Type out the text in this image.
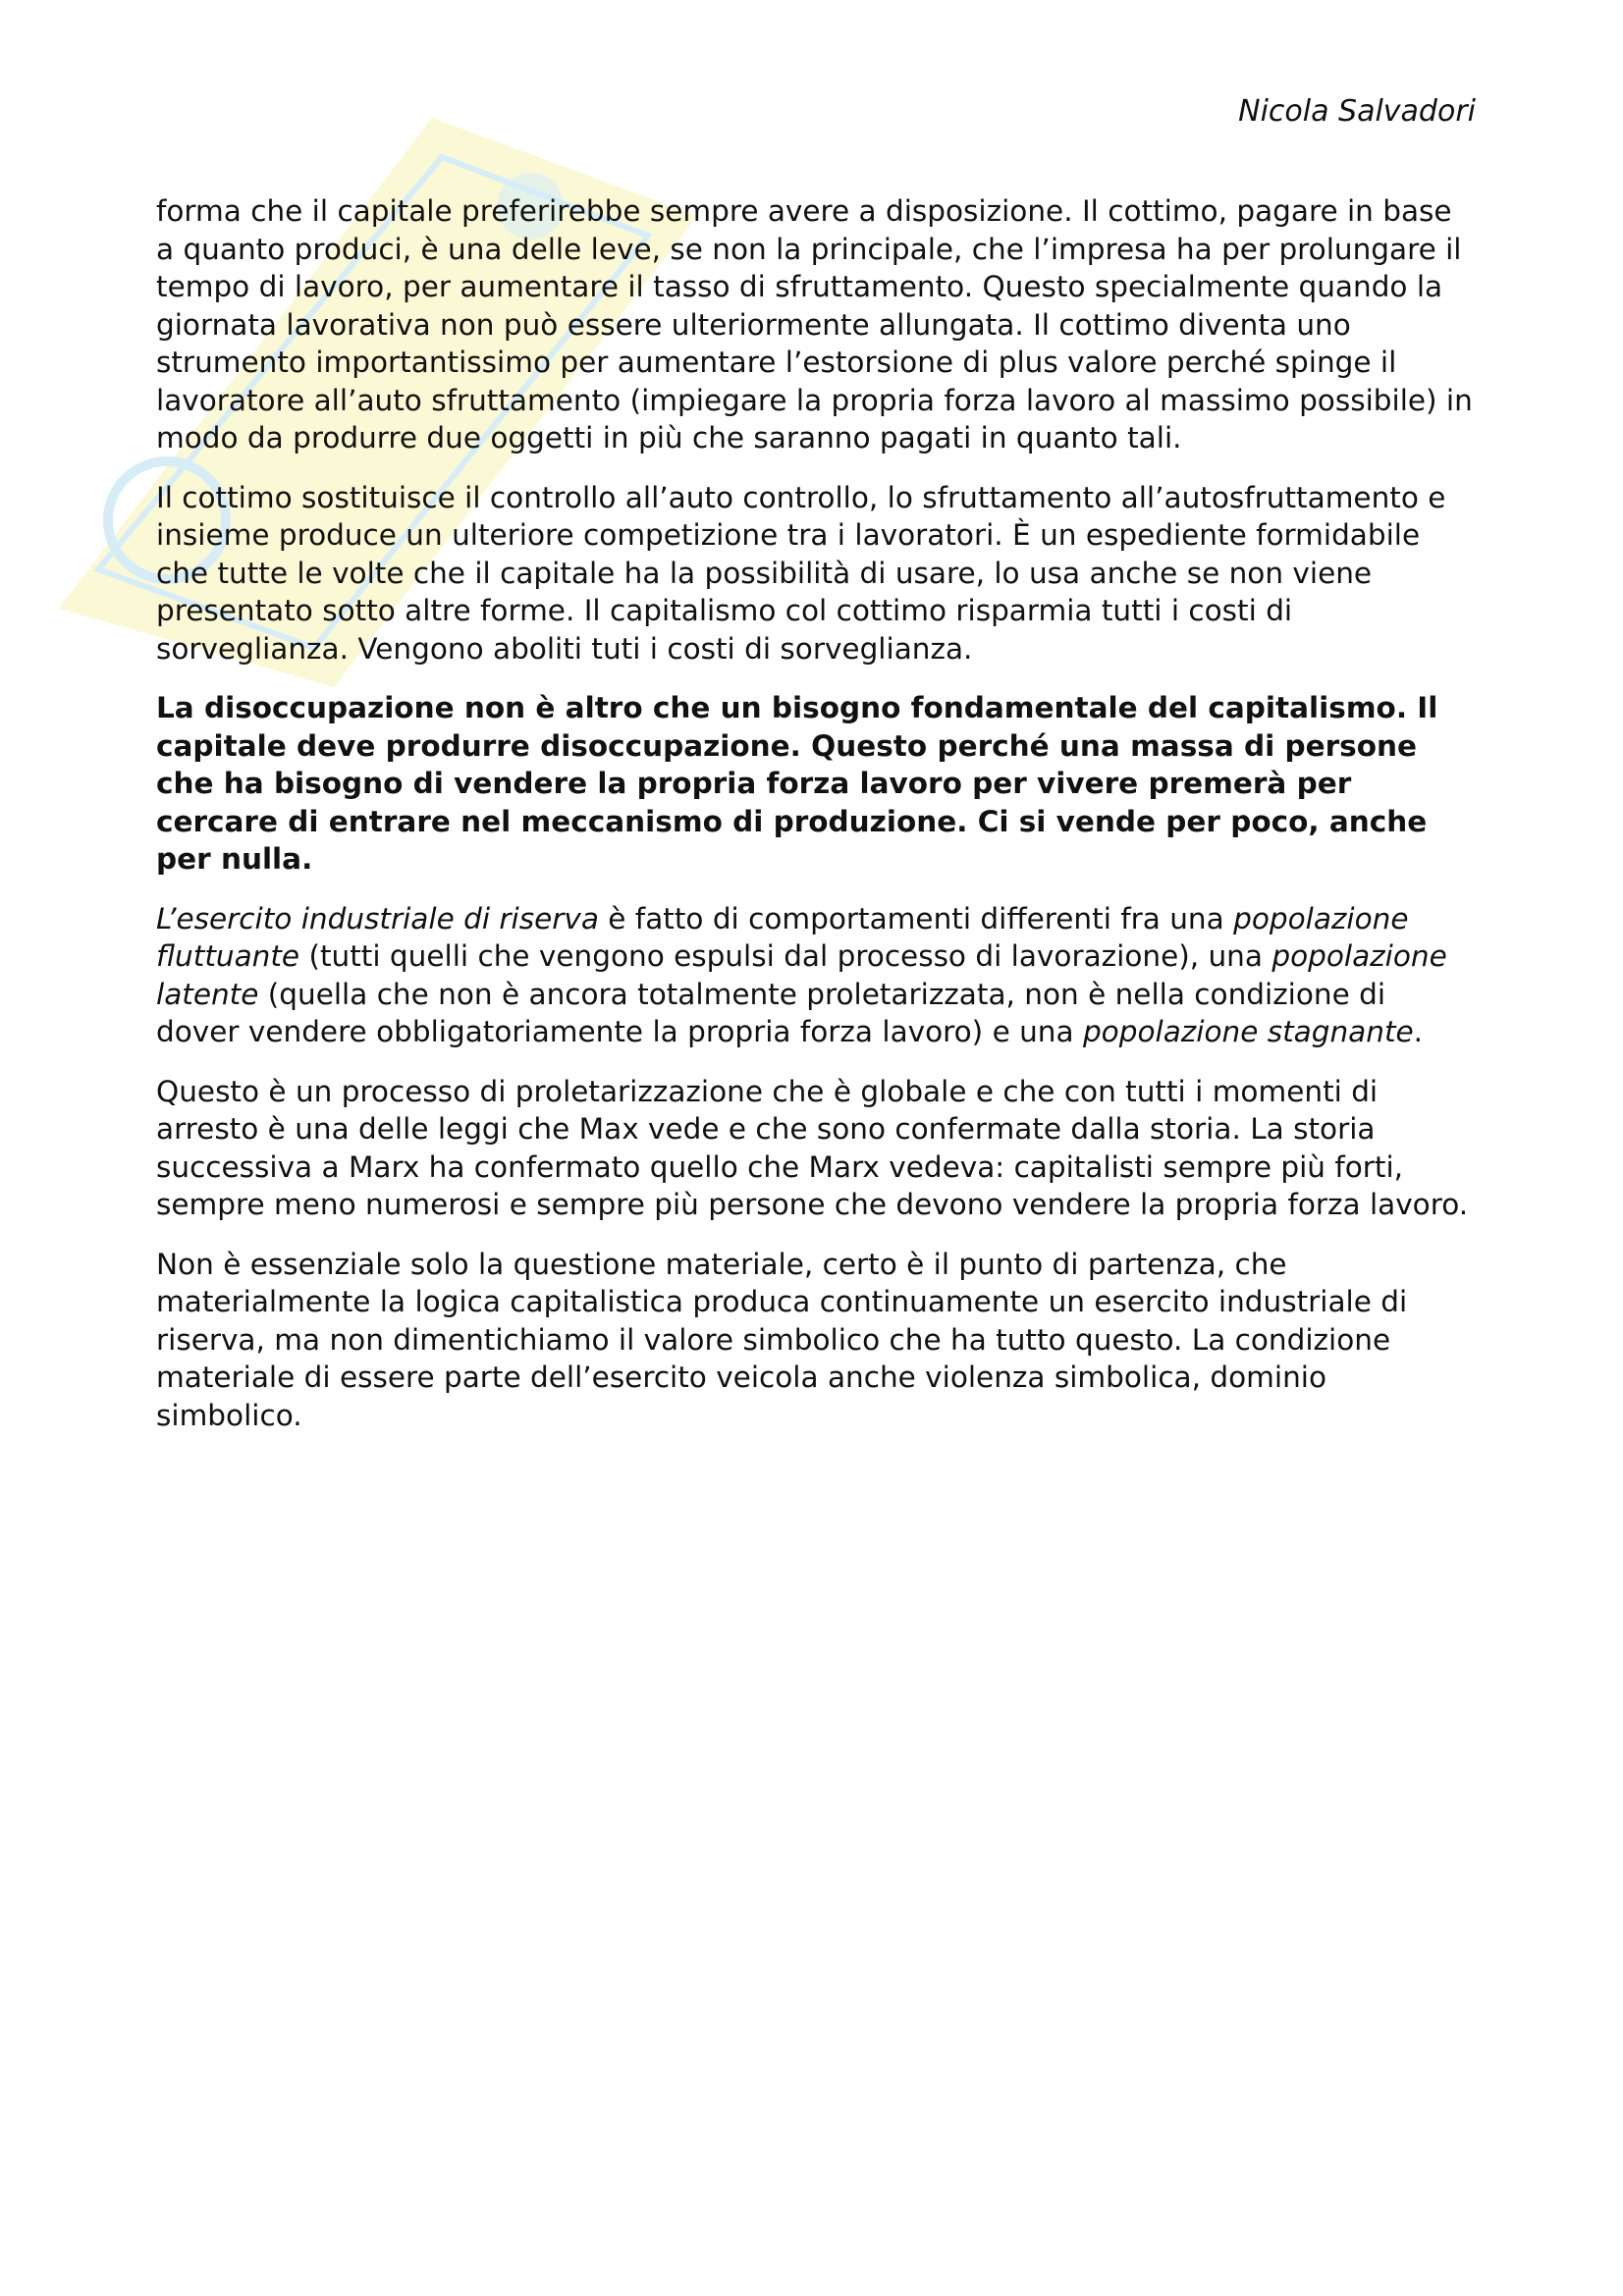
Nicola Salvadori

forma che il capitale preferirebbe sempre avere a disposizione. Il cottimo, pagare in base a quanto produci, è una delle leve, se non la principale, che l’impresa ha per prolungare il tempo di lavoro, per aumentare il tasso di sfruttamento. Questo specialmente quando la giornata lavorativa non può essere ulteriormente allungata. Il cottimo diventa uno strumento importantissimo per aumentare l’estorsione di plus valore perché spinge il lavoratore all’auto sfruttamento (impiegare la propria forza lavoro al massimo possibile) in modo da produrre due oggetti in più che saranno pagati in quanto tali.

Il cottimo sostituisce il controllo all’auto controllo, lo sfruttamento all’autosfruttamento e insieme produce un ulteriore competizione tra i lavoratori. È un espediente formidabile che tutte le volte che il capitale ha la possibilità di usare, lo usa anche se non viene presentato sotto altre forme. Il capitalismo col cottimo risparmia tutti i costi di sorveglianza. Vengono aboliti tuti i costi di sorveglianza.

La disoccupazione non è altro che un bisogno fondamentale del capitalismo. Il capitale deve produrre disoccupazione. Questo perché una massa di persone che ha bisogno di vendere la propria forza lavoro per vivere premerà per cercare di entrare nel meccanismo di produzione. Ci si vende per poco, anche per nulla.

L’esercito industriale di riserva è fatto di comportamenti differenti fra una popolazione fluttuante (tutti quelli che vengono espulsi dal processo di lavorazione), una popolazione latente (quella che non è ancora totalmente proletarizzata, non è nella condizione di dover vendere obbligatoriamente la propria forza lavoro) e una popolazione stagnante.

Questo è un processo di proletarizzazione che è globale e che con tutti i momenti di arresto è una delle leggi che Max vede e che sono confermate dalla storia. La storia successiva a Marx ha confermato quello che Marx vedeva: capitalisti sempre più forti, sempre meno numerosi e sempre più persone che devono vendere la propria forza lavoro.

Non è essenziale solo la questione materiale, certo è il punto di partenza, che materialmente la logica capitalistica produca continuamente un esercito industriale di riserva, ma non dimentichiamo il valore simbolico che ha tutto questo. La condizione materiale di essere parte dell’esercito veicola anche violenza simbolica, dominio simbolico.
